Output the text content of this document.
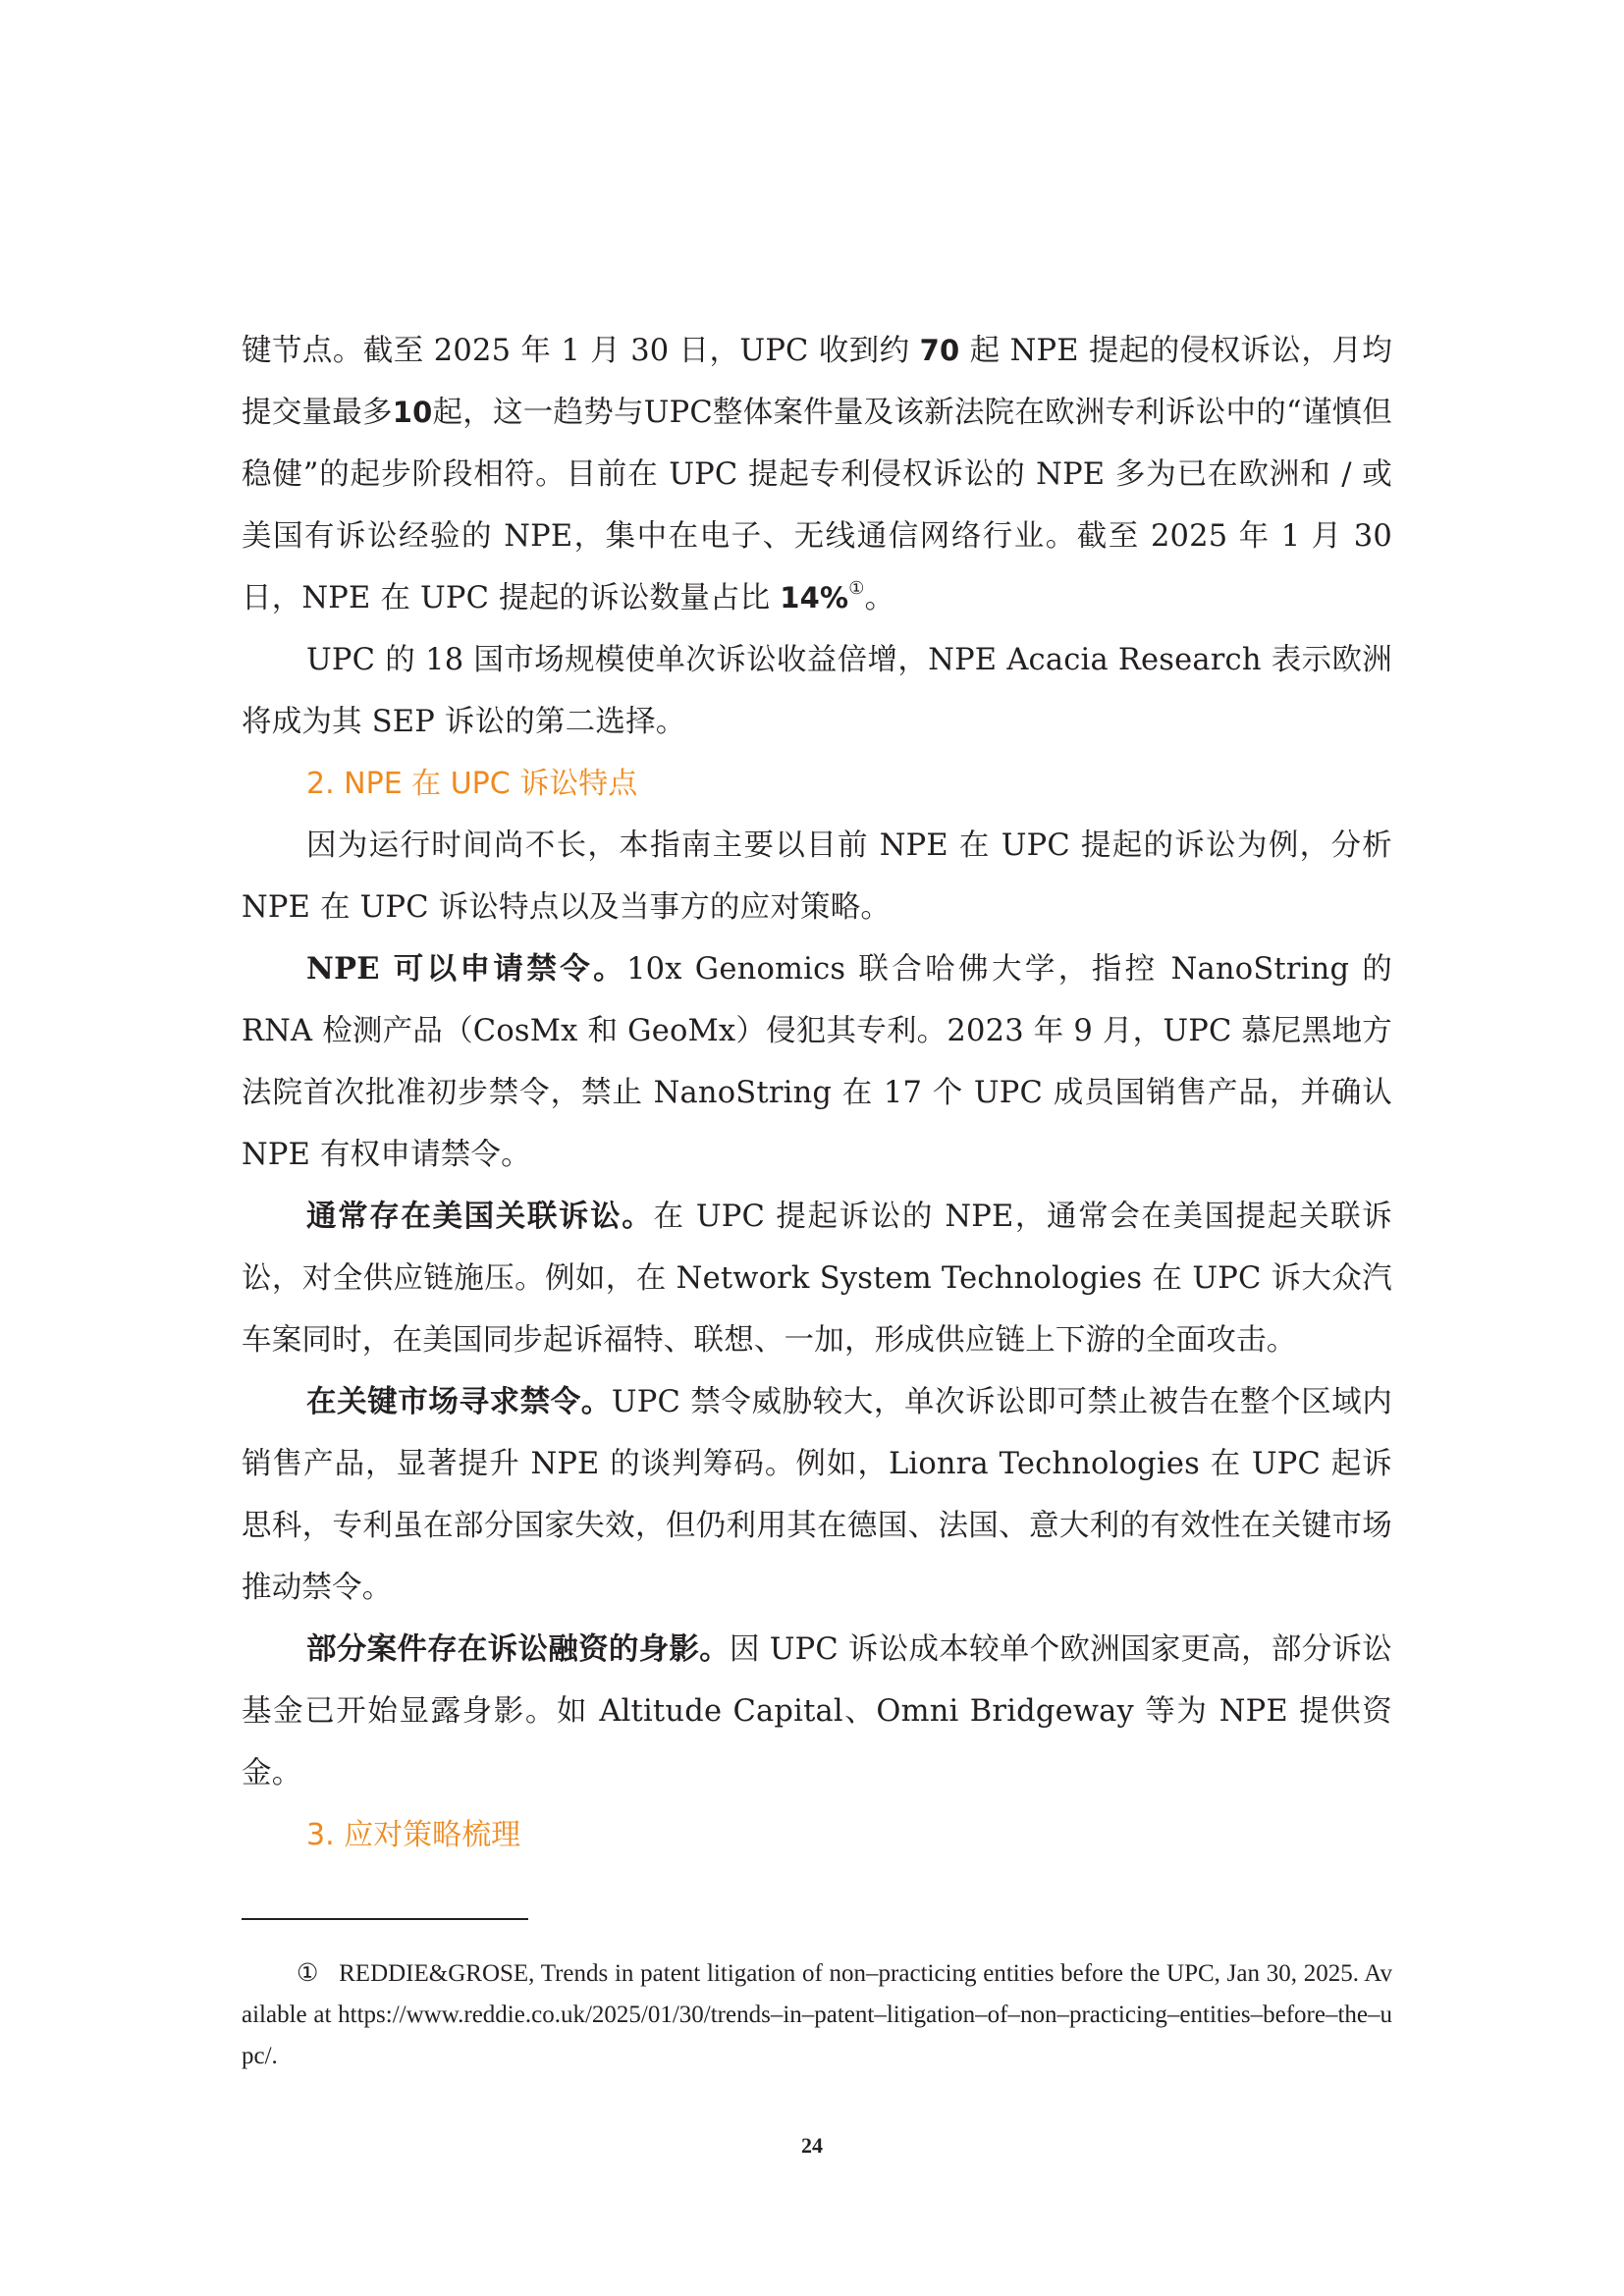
键节点。截至 2025 年 1 月 30 日，UPC 收到约 70 起 NPE 提起的侵权诉讼，月均提交量最多10起，这一趋势与UPC整体案件量及该新法院在欧洲专利诉讼中的“谨慎但稳健”的起步阶段相符。目前在 UPC 提起专利侵权诉讼的 NPE 多为已在欧洲和 / 或美国有诉讼经验的 NPE，集中在电子、无线通信网络行业。截至 2025 年 1 月 30 日，NPE 在 UPC 提起的诉讼数量占比 14%①。

UPC 的 18 国市场规模使单次诉讼收益倍增，NPE Acacia Research 表示欧洲将成为其 SEP 诉讼的第二选择。

2. NPE 在 UPC 诉讼特点

因为运行时间尚不长，本指南主要以目前 NPE 在 UPC 提起的诉讼为例，分析 NPE 在 UPC 诉讼特点以及当事方的应对策略。

NPE 可以申请禁令。10x Genomics 联合哈佛大学，指控 NanoString 的 RNA 检测产品（CosMx 和 GeoMx）侵犯其专利。2023 年 9 月，UPC 慕尼黑地方法院首次批准初步禁令，禁止 NanoString 在 17 个 UPC 成员国销售产品，并确认 NPE 有权申请禁令。

通常存在美国关联诉讼。在 UPC 提起诉讼的 NPE，通常会在美国提起关联诉讼，对全供应链施压。例如，在 Network System Technologies 在 UPC 诉大众汽车案同时，在美国同步起诉福特、联想、一加，形成供应链上下游的全面攻击。

在关键市场寻求禁令。UPC 禁令威胁较大，单次诉讼即可禁止被告在整个区域内销售产品，显著提升 NPE 的谈判筹码。例如，Lionra Technologies 在 UPC 起诉思科，专利虽在部分国家失效，但仍利用其在德国、法国、意大利的有效性在关键市场推动禁令。

部分案件存在诉讼融资的身影。因 UPC 诉讼成本较单个欧洲国家更高，部分诉讼基金已开始显露身影。如 Altitude Capital、Omni Bridgeway 等为 NPE 提供资金。

3. 应对策略梳理

① REDDIE&GROSE, Trends in patent litigation of non–practicing entities before the UPC, Jan 30, 2025. Available at https://www.reddie.co.uk/2025/01/30/trends–in–patent–litigation–of–non–practicing–entities–before–the–upc/.

24
